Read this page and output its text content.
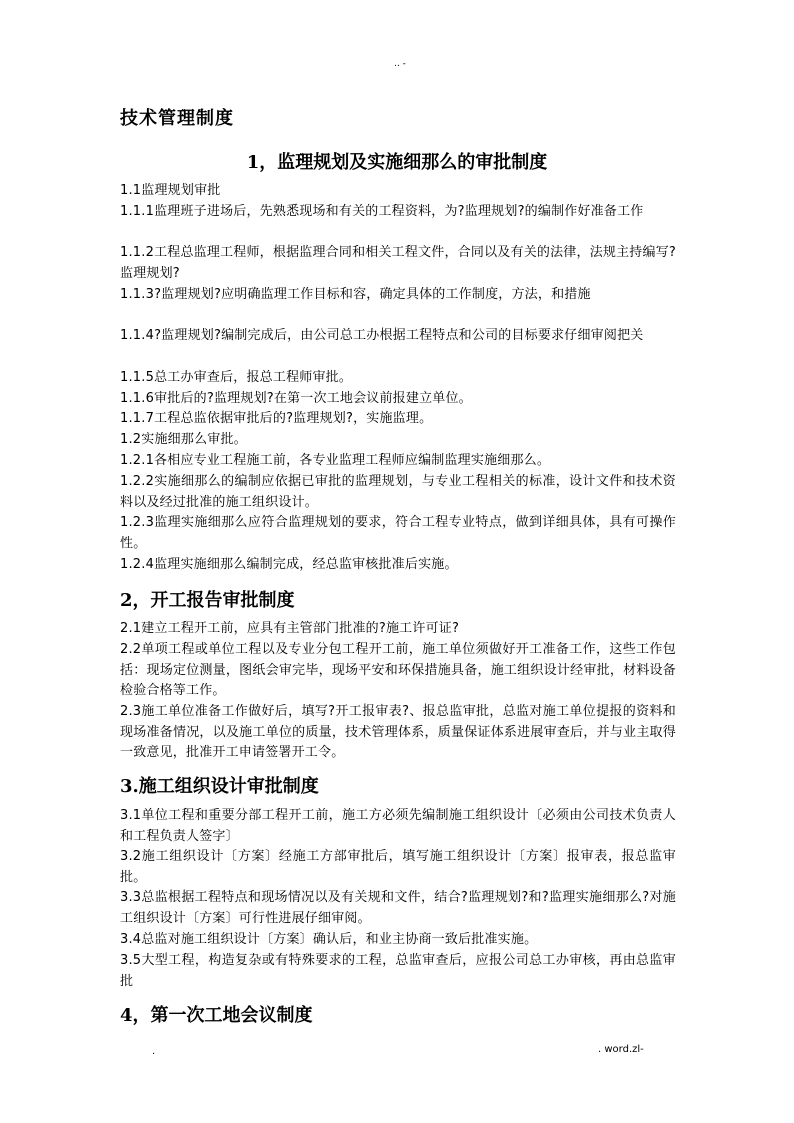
.. -
技术管理制度
1，监理规划及实施细那么的审批制度
1.1监理规划审批
1.1.1监理班子进场后，先熟悉现场和有关的工程资料，为?监理规划?的编制作好准备工作
1.1.2工程总监理工程师，根据监理合同和相关工程文件，合同以及有关的法律，法规主持编写?监理规划?
1.1.3?监理规划?应明确监理工作目标和容，确定具体的工作制度，方法，和措施
1.1.4?监理规划?编制完成后，由公司总工办根据工程特点和公司的目标要求仔细审阅把关
1.1.5总工办审查后，报总工程师审批。
1.1.6审批后的?监理规划?在第一次工地会议前报建立单位。
1.1.7工程总监依据审批后的?监理规划?，实施监理。
1.2实施细那么审批。
1.2.1各相应专业工程施工前，各专业监理工程师应编制监理实施细那么。
1.2.2实施细那么的编制应依据已审批的监理规划，与专业工程相关的标准，设计文件和技术资料以及经过批准的施工组织设计。
1.2.3监理实施细那么应符合监理规划的要求，符合工程专业特点，做到详细具体，具有可操作性。
1.2.4监理实施细那么编制完成，经总监审核批准后实施。
2，开工报告审批制度
2.1建立工程开工前，应具有主管部门批准的?施工许可证?
2.2单项工程或单位工程以及专业分包工程开工前，施工单位须做好开工准备工作，这些工作包括：现场定位测量，图纸会审完毕，现场平安和环保措施具备，施工组织设计经审批，材料设备检验合格等工作。
2.3施工单位准备工作做好后，填写?开工报审表?、报总监审批，总监对施工单位提报的资料和现场准备情况，以及施工单位的质量，技术管理体系，质量保证体系进展审查后，并与业主取得一致意见，批准开工申请签署开工令。
3.施工组织设计审批制度
3.1单位工程和重要分部工程开工前，施工方必须先编制施工组织设计〔必须由公司技术负责人和工程负责人签字〕
3.2施工组织设计〔方案〕经施工方部审批后，填写施工组织设计〔方案〕报审表，报总监审批。
3.3总监根据工程特点和现场情况以及有关规和文件，结合?监理规划?和?监理实施细那么?对施工组织设计〔方案〕可行性进展仔细审阅。
3.4总监对施工组织设计〔方案〕确认后，和业主协商一致后批准实施。
3.5大型工程，构造复杂或有特殊要求的工程，总监审查后，应报公司总工办审核，再由总监审批
4，第一次工地会议制度
.	. word.zl-
